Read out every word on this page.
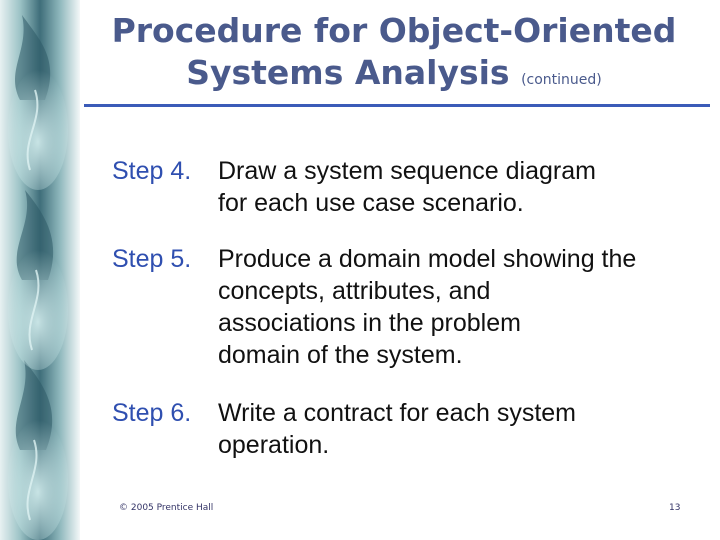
Procedure for Object-Oriented
Systems Analysis (continued)
Step 4. Draw a system sequence diagram
for each use case scenario.
Step 5. Produce a domain model showing the
concepts, attributes, and
associations in the problem
domain of the system.
Step 6. Write a contract for each system
operation.
© 2005 Prentice Hall	13
